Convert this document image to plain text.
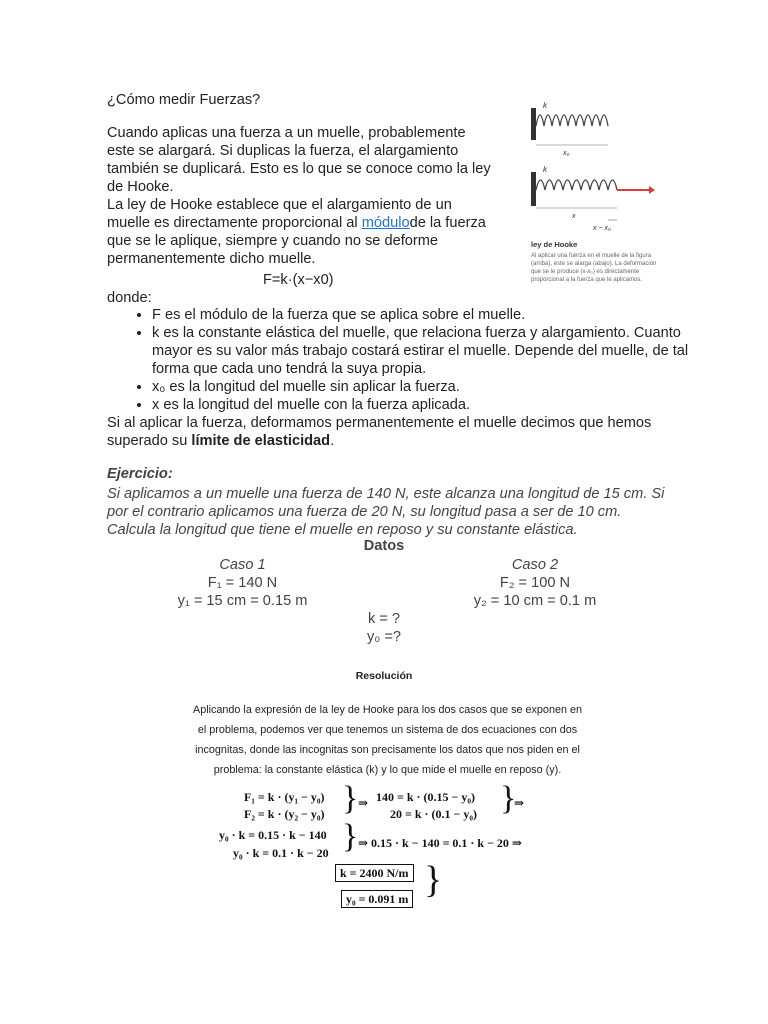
¿Cómo medir Fuerzas?

Cuando aplicas una fuerza a un muelle, probablemente este se alargará. Si duplicas la fuerza, el alargamiento también se duplicará. Esto es lo que se conoce como la ley de Hooke.

La ley de Hooke establece que el alargamiento de un muelle es directamente proporcional al módulode la fuerza que se le aplique, siempre y cuando no se deforme permanentemente dicho muelle.

F=k·(x−x0)
donde:
• F es el módulo de la fuerza que se aplica sobre el muelle.
• k es la constante elástica del muelle, que relaciona fuerza y alargamiento. Cuanto mayor es su valor más trabajo costará estirar el muelle. Depende del muelle, de tal forma que cada uno tendrá la suya propia.
• x₀ es la longitud del muelle sin aplicar la fuerza.
• x es la longitud del muelle con la fuerza aplicada.

Si al aplicar la fuerza, deformamos permanentemente el muelle decimos que hemos superado su límite de elasticidad.

k
x₀
k
x
x − x₀
ley de Hooke
Al aplicar una fuerza en el muelle de la figura (arriba), este se alarga (abajo). La deformación que se le produce (x-x₀) es directamente proporcional a la fuerza que le aplicamos.
Ejercicio:

Si aplicamos a un muelle una fuerza de 140 N, este alcanza una longitud de 15 cm. Si por el contrario aplicamos una fuerza de 20 N, su longitud pasa a ser de 10 cm. Calcula la longitud que tiene el muelle en reposo y su constante elástica.

Datos
Caso 1
F₁ = 140 N
y₁ = 15 cm = 0.15 m
Caso 2
F₂ = 100 N
y₂ = 10 cm = 0.1 m
k = ?
y₀ =?
Resolución
Aplicando la expresión de la ley de Hooke para los dos casos que se exponen en el problema, podemos ver que tenemos un sistema de dos ecuaciones con dos incognitas, donde las incognitas son precisamente los datos que nos piden en el problema: la constante elástica (k) y lo que mide el muelle en reposo (y).
F₁ = k · (y₁ − y₀)
F₂ = k · (y₂ − y₀) } ⇒ 140 = k · (0.15 − y₀)
20 = k · (0.1 − y₀) }
⇒
y₀ · k = 0.15 · k − 140
y₀ · k = 0.1 · k − 20 } ⇒ 0.15 · k − 140 = 0.1 · k − 20 ⇒
k = 2400 N/m
y₀ = 0.091 m }
